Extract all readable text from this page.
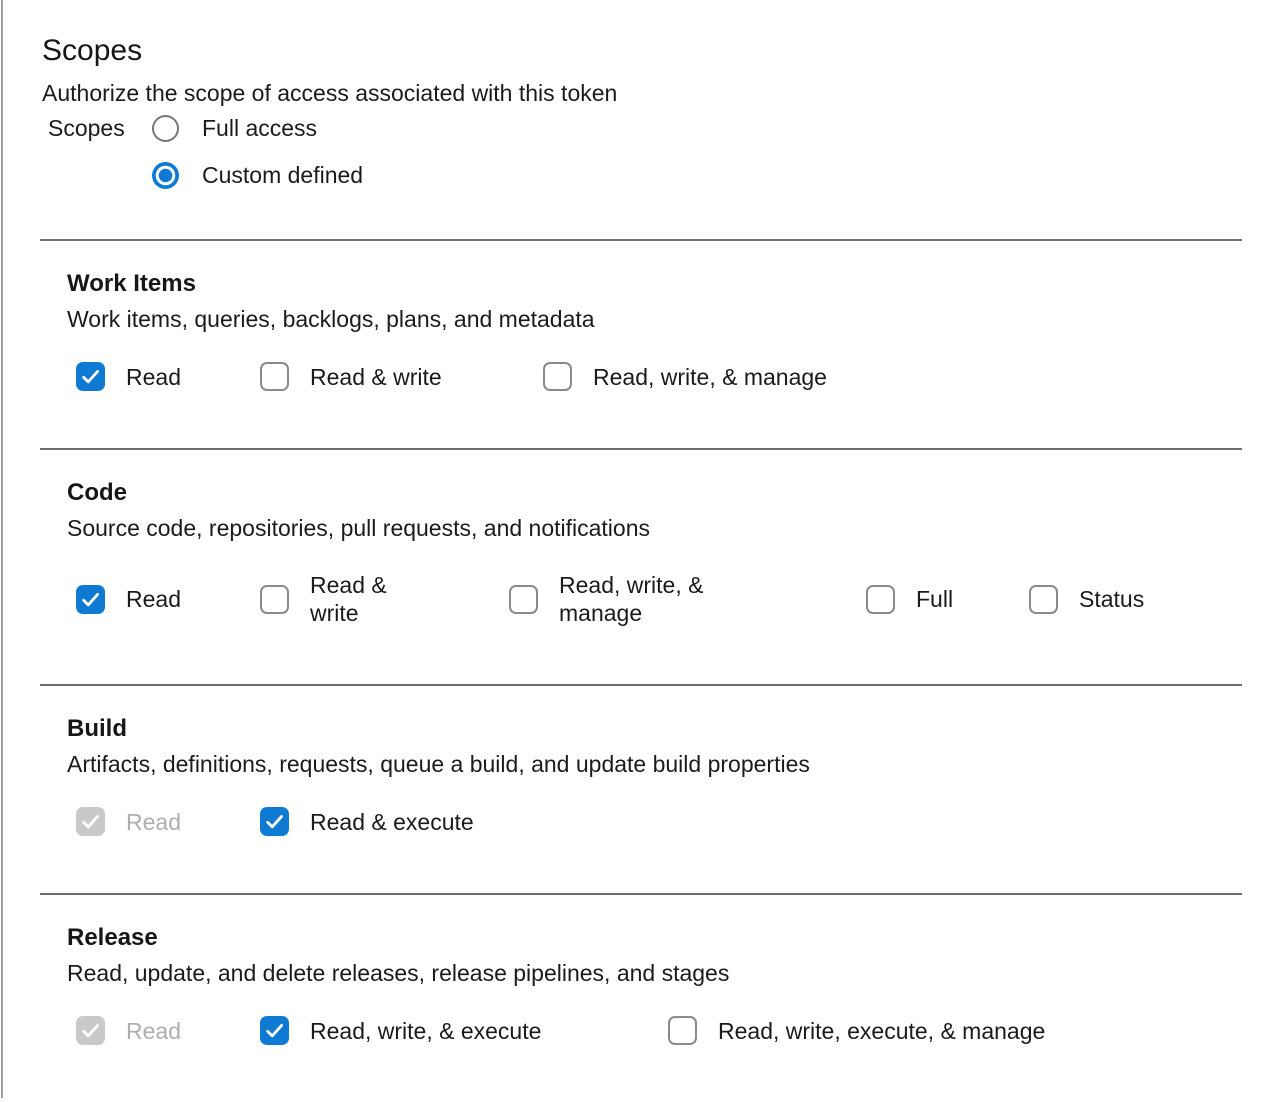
Scopes

Authorize the scope of access associated with this token

Scopes	Full access
Custom defined
Work Items

Work items, queries, backlogs, plans, and metadata

Read	Read & write	Read, write, & manage
Code

Source code, repositories, pull requests, and notifications

Read
Read & write
Read, write, & manage
Full	Status
Build

Artifacts, definitions, requests, queue a build, and update build properties

Read	Read & execute
Release

Read, update, and delete releases, release pipelines, and stages

Read	Read, write, & execute	Read, write, execute, & manage
